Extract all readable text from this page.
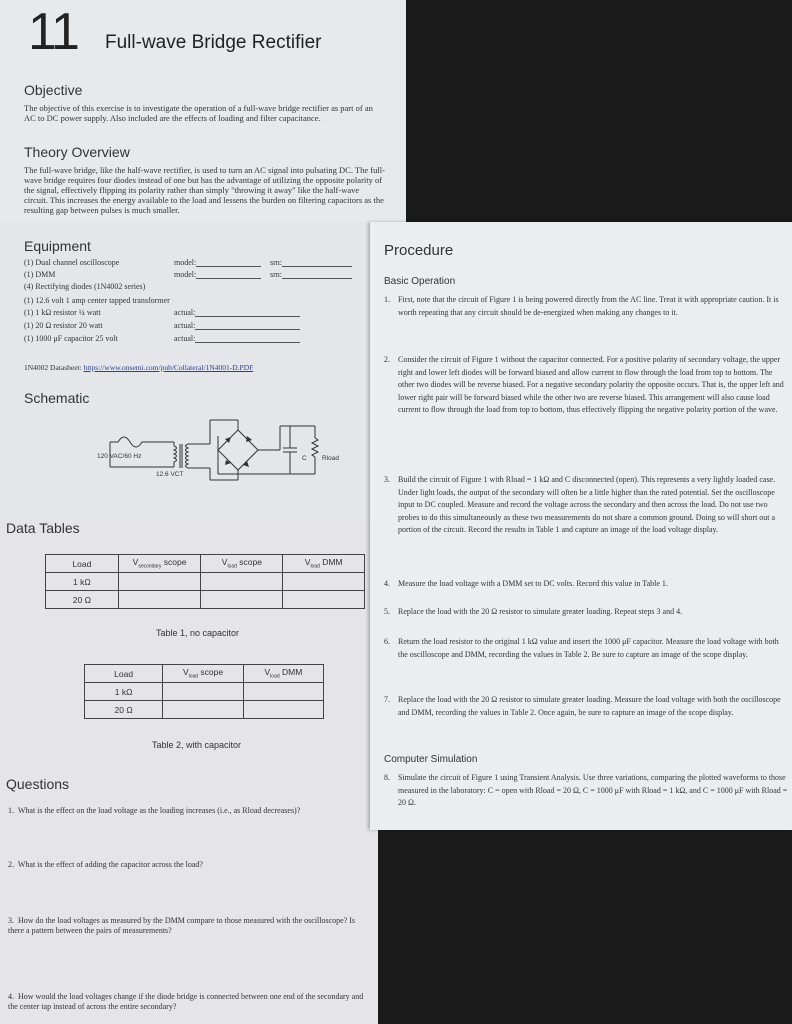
11 Full-wave Bridge Rectifier
Objective
The objective of this exercise is to investigate the operation of a full-wave bridge rectifier as part of an
AC to DC power supply. Also included are the effects of loading and filter capacitance.
Theory Overview
The full-wave bridge, like the half-wave rectifier, is used to turn an AC signal into pulsating DC. The full-
wave bridge requires four diodes instead of one but has the advantage of utilizing the opposite polarity of
the signal, effectively flipping its polarity rather than simply "throwing it away" like the half-wave
circuit. This increases the energy available to the load and lessens the burden on filtering capacitors as the
resulting gap between pulses is much smaller.
Equipment
(1) Dual channel oscilloscope	model:	srn:
(1) DMM	model:	srn:
(4) Rectifying diodes (1N4002 series)
(1) 12.6 volt 1 amp center tapped transformer
(1) 1 kΩ resistor ¼ watt	actual:
(1) 20 Ω resistor 20 watt	actual:
(1) 1000 μF capacitor 25 volt	actual:
1N4002 Datasheet: https://www.onsemi.com/pub/Collateral/1N4001-D.PDF
Schematic
120 VAC/60 Hz
12.6 VCT
C Rload
Data Tables
Load	$V_{secondary}$ scope	$V_{load}$ scope	$V_{load}$ DMM
1 kΩ			
20 Ω			
Table 1, no capacitor
Load	$V_{load}$ scope	$V_{load}$ DMM
1 kΩ		
20 Ω		
Table 2, with capacitor
Questions
1. What is the effect on the load voltage as the loading increases (i.e., as Rload decreases)?
2. What is the effect of adding the capacitor across the load?
3. How do the load voltages as measured by the DMM compare to those measured with the oscilloscope? Is there a pattern between the pairs of measurements?
4. How would the load voltages change if the diode bridge is connected between one end of the secondary and the center tap instead of across the entire secondary?
Procedure
Basic Operation
1. First, note that the circuit of Figure 1 is being powered directly from the AC line. Treat it with appropriate caution. It is worth repeating that any circuit should be de-energized when making any changes to it.
2. Consider the circuit of Figure 1 without the capacitor connected. For a positive polarity of secondary voltage, the upper right and lower left diodes will be forward biased and allow current to flow through the load from top to bottom. The other two diodes will be reverse biased. For a negative secondary polarity the opposite occurs. That is, the upper left and lower right pair will be forward biased while the other two are reverse biased. This arrangement will also cause load current to flow through the load from top to bottom, thus effectively flipping the negative polarity portion of the wave.
3. Build the circuit of Figure 1 with Rload = 1 kΩ and C disconnected (open). This represents a very lightly loaded case. Under light loads, the output of the secondary will often be a little higher than the rated potential. Set the oscilloscope input to DC coupled. Measure and record the voltage across the secondary and then across the load. Do not use two probes to do this simultaneously as these two measurements do not share a common ground. Doing so will short out a portion of the circuit. Record the results in Table 1 and capture an image of the load voltage display.
4. Measure the load voltage with a DMM set to DC volts. Record this value in Table 1.
5. Replace the load with the 20 Ω resistor to simulate greater loading. Repeat steps 3 and 4.
6. Return the load resistor to the original 1 kΩ value and insert the 1000 μF capacitor. Measure the load voltage with both the oscilloscope and DMM, recording the values in Table 2. Be sure to capture an image of the scope display.
7. Replace the load with the 20 Ω resistor to simulate greater loading. Measure the load voltage with both the oscilloscope and DMM, recording the values in Table 2. Once again, be sure to capture an image of the scope display.
Computer Simulation
8. Simulate the circuit of Figure 1 using Transient Analysis. Use three variations, comparing the plotted waveforms to those measured in the laboratory: C = open with Rload = 20 Ω, C = 1000 μF with Rload = 1 kΩ, and C = 1000 μF with Rload = 20 Ω.
